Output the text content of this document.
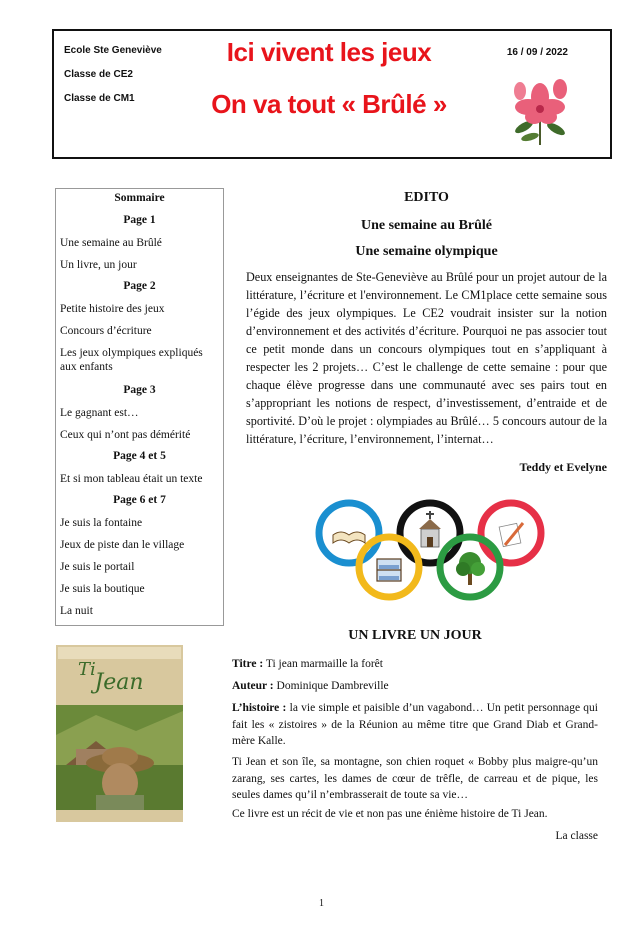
Ecole Ste Geneviève
Classe de CE2
Classe de CM1
Ici vivent les jeux
On va tout « Brûlé »
16 / 09 / 2022
Sommaire
Page 1
Une semaine au Brûlé
Un livre, un jour
Page 2
Petite histoire des jeux
Concours d’écriture
Les jeux olympiques expliqués aux enfants
Page 3
Le gagnant est…
Ceux qui n’ont pas démérité
Page 4 et 5
Et si mon tableau était un texte
Page 6 et 7
Je suis la fontaine
Jeux de piste dan le village
Je suis le portail
Je suis la boutique
La nuit
EDITO
Une semaine au Brûlé
Une semaine olympique
Deux enseignantes de Ste-Geneviève au Brûlé pour un projet autour de la littérature, l’écriture et l'environnement. Le CM1place cette semaine sous l’égide des jeux olympiques. Le CE2 voudrait insister sur la notion d’environnement et des activités d’écriture. Pourquoi ne pas associer tout ce petit monde dans un concours olympiques tout en s’appliquant à respecter les 2 projets… C’est le challenge de cette semaine : pour que chaque élève progresse dans une communauté avec ses pairs tout en s’appropriant les notions de respect, d’investissement, d’entraide et de sportivité. D’où le projet : olympiades au Brûlé… 5 concours autour de la littérature, l’écriture, l’environnement, l’internat…
Teddy et Evelyne
Jean
Ti
UN LIVRE UN JOUR

Titre : Ti jean marmaille la forêt

Auteur : Dominique Dambreville

L’histoire : la vie simple et paisible d’un vagabond… Un petit personnage qui fait les « zistoires » de la Réunion au même titre que Grand Diab et Grand-mère Kalle.

Ti Jean et son île, sa montagne, son chien roquet « Bobby plus maigre-qu’un zarang, ses cartes, les dames de cœur de trêfle, de carreau et de pique, les seules dames qu’il n’embrasserait de toute sa vie…

Ce livre est un récit de vie et non pas une énième histoire de Ti Jean.

La classe

1
